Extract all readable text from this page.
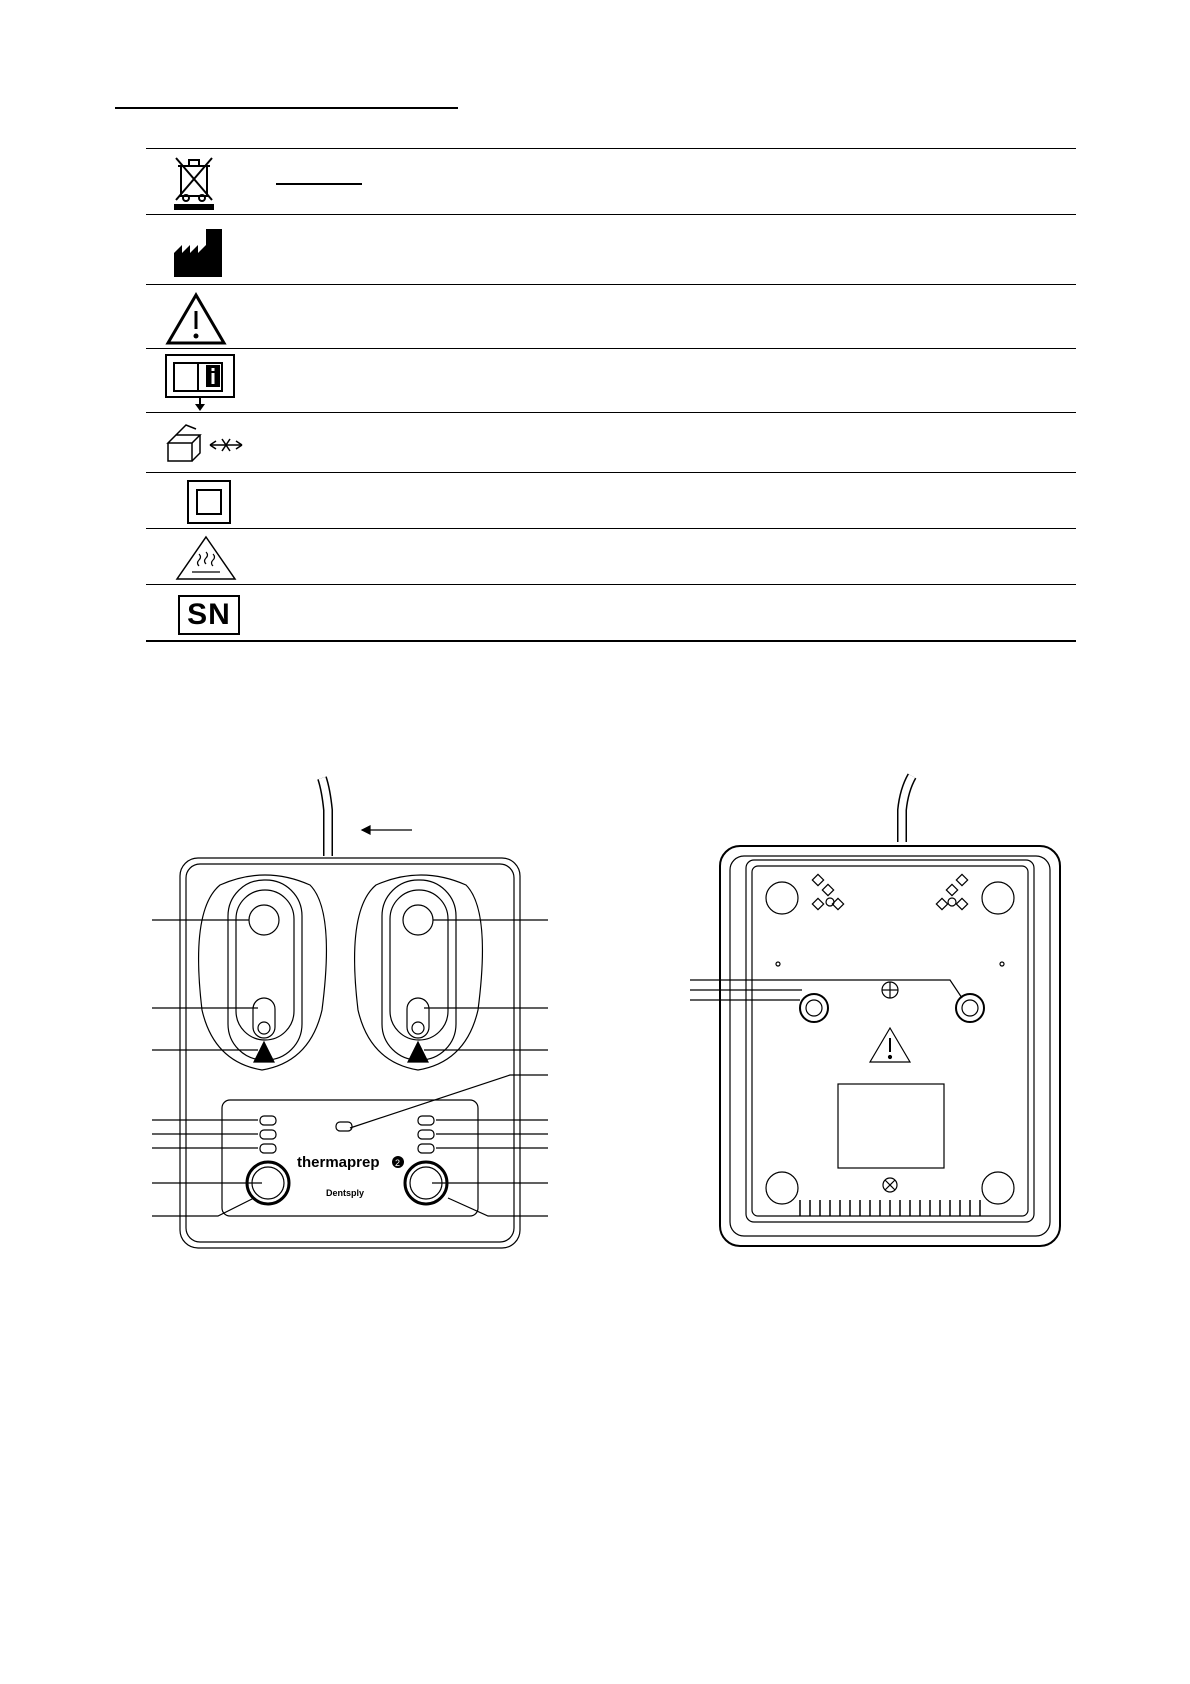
SN
thermaprep 2
Dentsply
